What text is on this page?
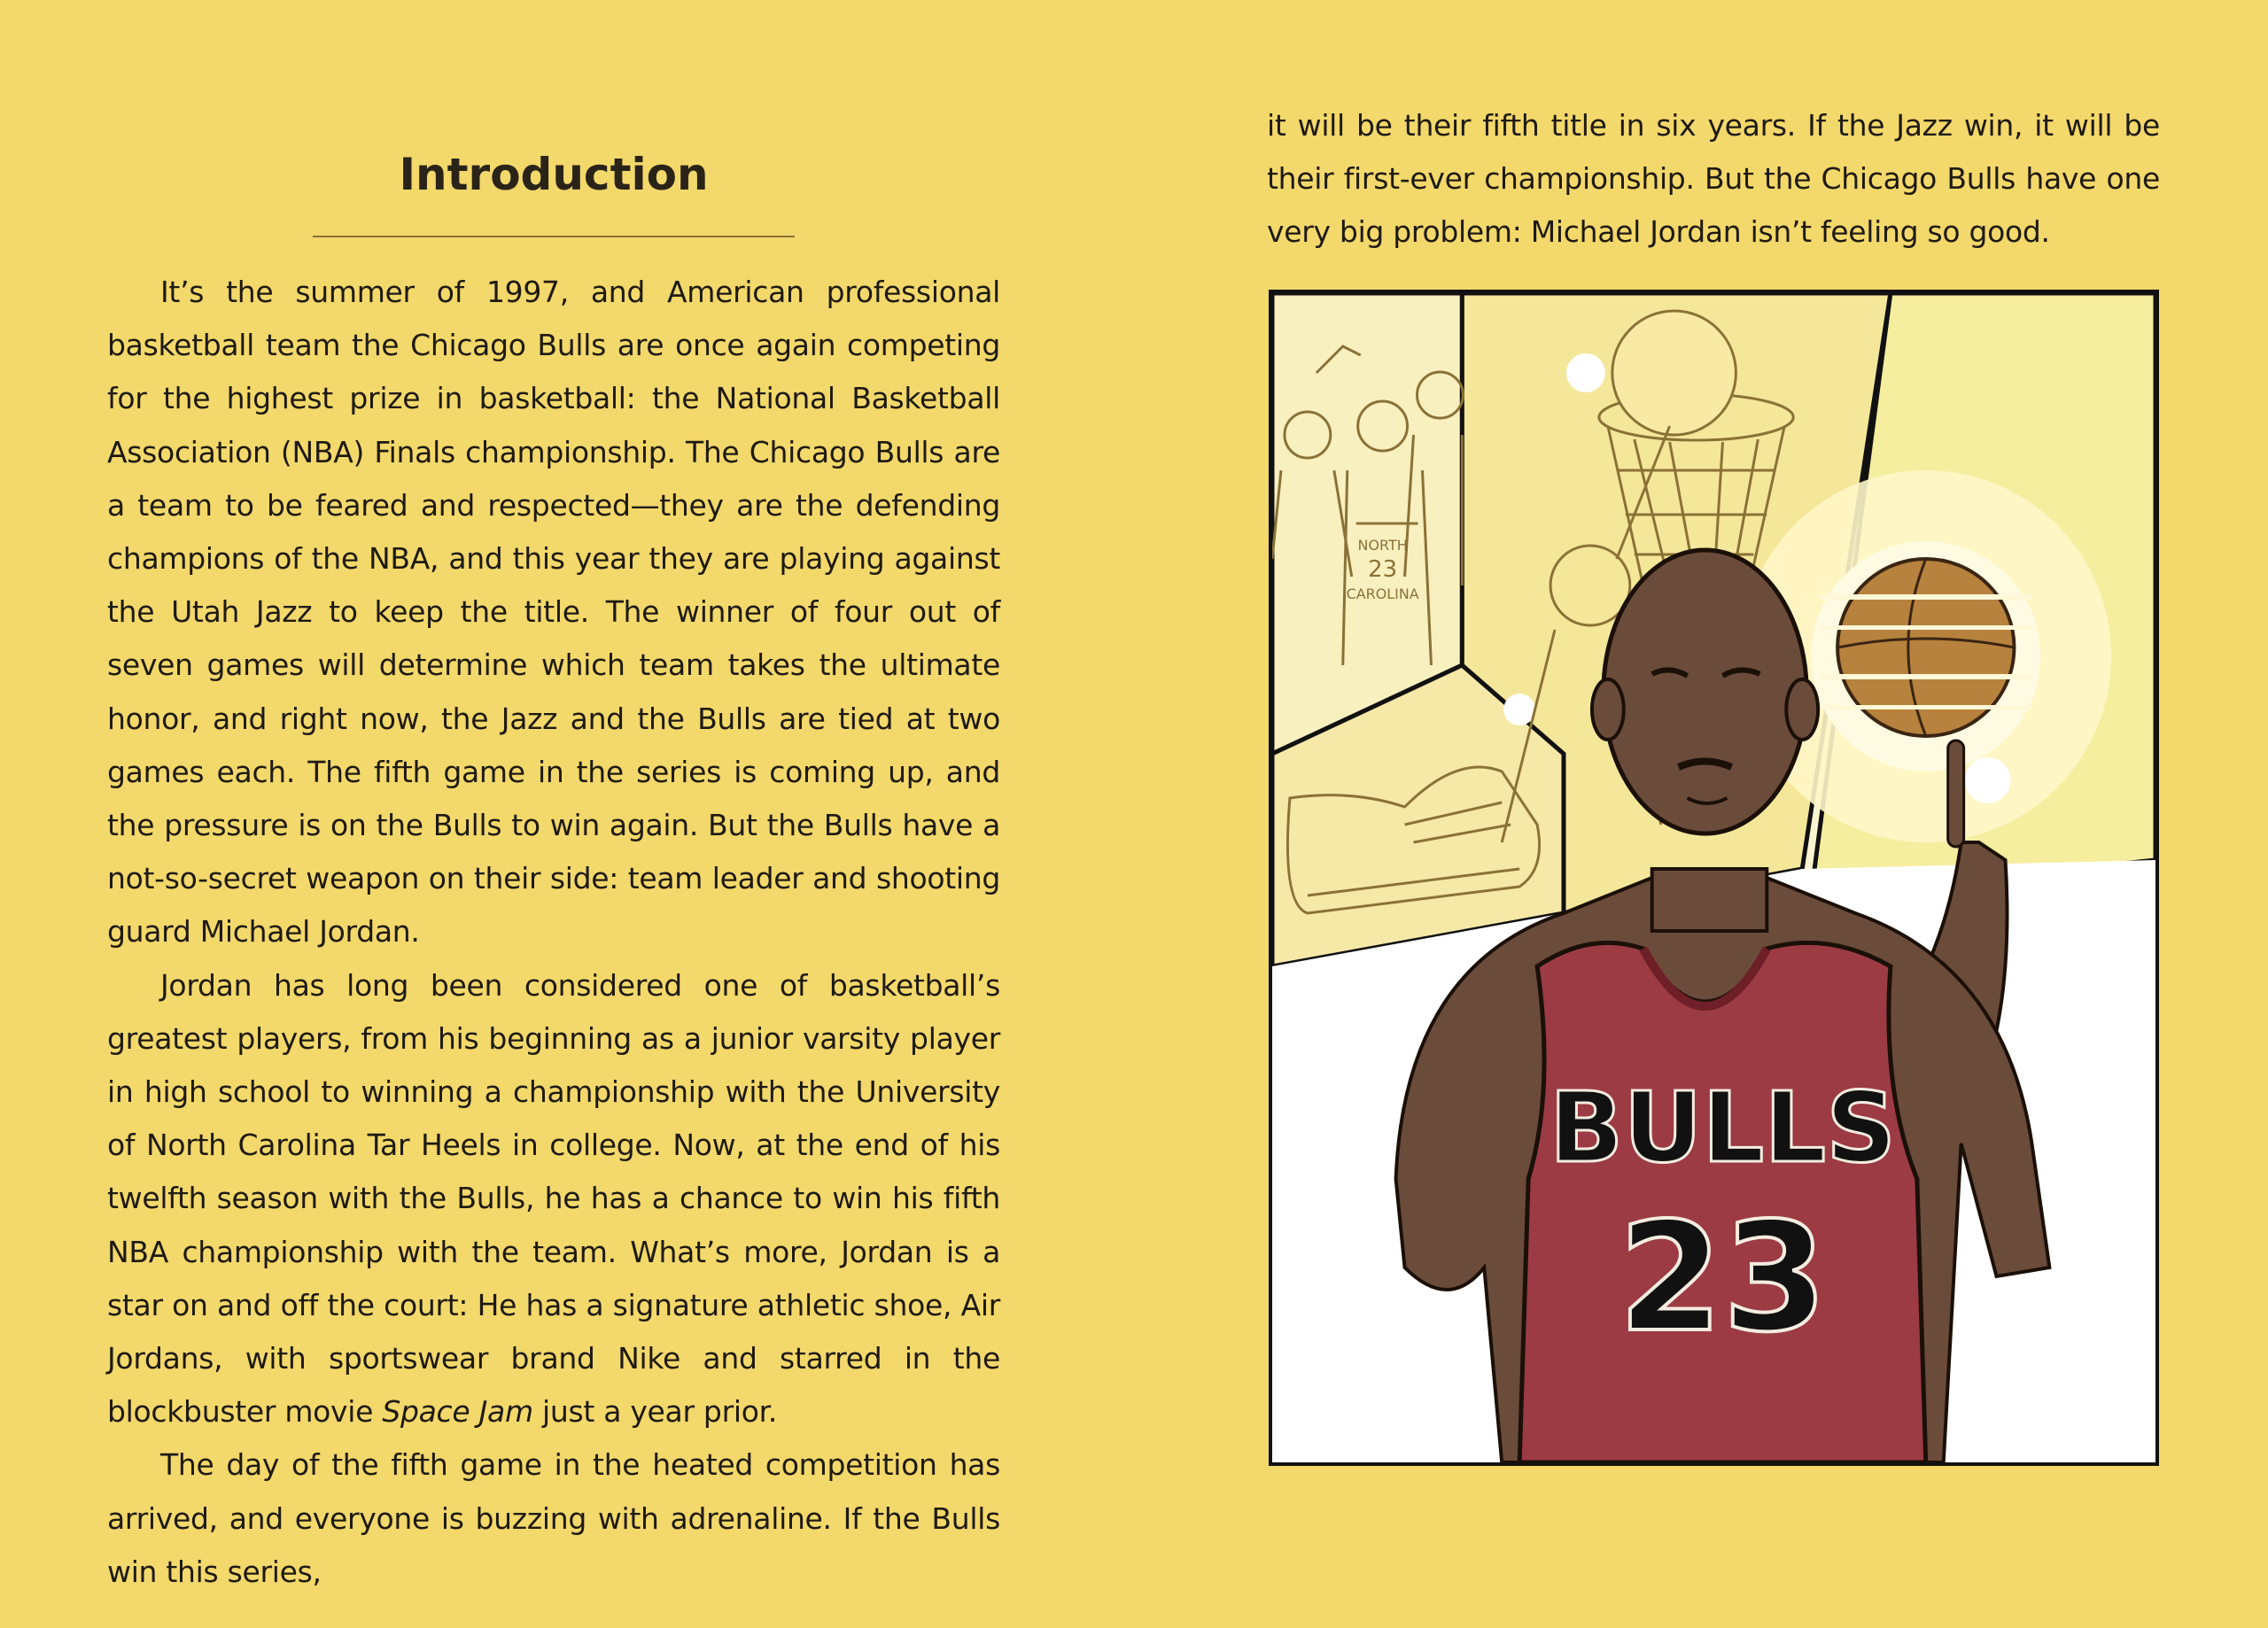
Introduction

It’s the summer of 1997, and American professional basketball team the Chicago Bulls are once again competing for the highest prize in basketball: the National Basketball Association (NBA) Finals championship. The Chicago Bulls are a team to be feared and respected—they are the defending champions of the NBA, and this year they are playing against the Utah Jazz to keep the title. The winner of four out of seven games will determine which team takes the ultimate honor, and right now, the Jazz and the Bulls are tied at two games each. The fifth game in the series is coming up, and the pressure is on the Bulls to win again. But the Bulls have a not-so-secret weapon on their side: team leader and shooting guard Michael Jordan.

Jordan has long been considered one of basketball’s greatest players, from his beginning as a junior varsity player in high school to winning a championship with the University of North Carolina Tar Heels in college. Now, at the end of his twelfth season with the Bulls, he has a chance to win his fifth NBA championship with the team. What’s more, Jordan is a star on and off the court: He has a signature athletic shoe, Air Jordans, with sportswear brand Nike and starred in the blockbuster movie Space Jam just a year prior.

The day of the fifth game in the heated competition has arrived, and everyone is buzzing with adrenaline. If the Bulls win this series,

it will be their fifth title in six years. If the Jazz win, it will be their first-ever championship. But the Chicago Bulls have one very big problem: Michael Jordan isn’t feeling so good.

NORTH
23
CAROLINA
BULLS
23
